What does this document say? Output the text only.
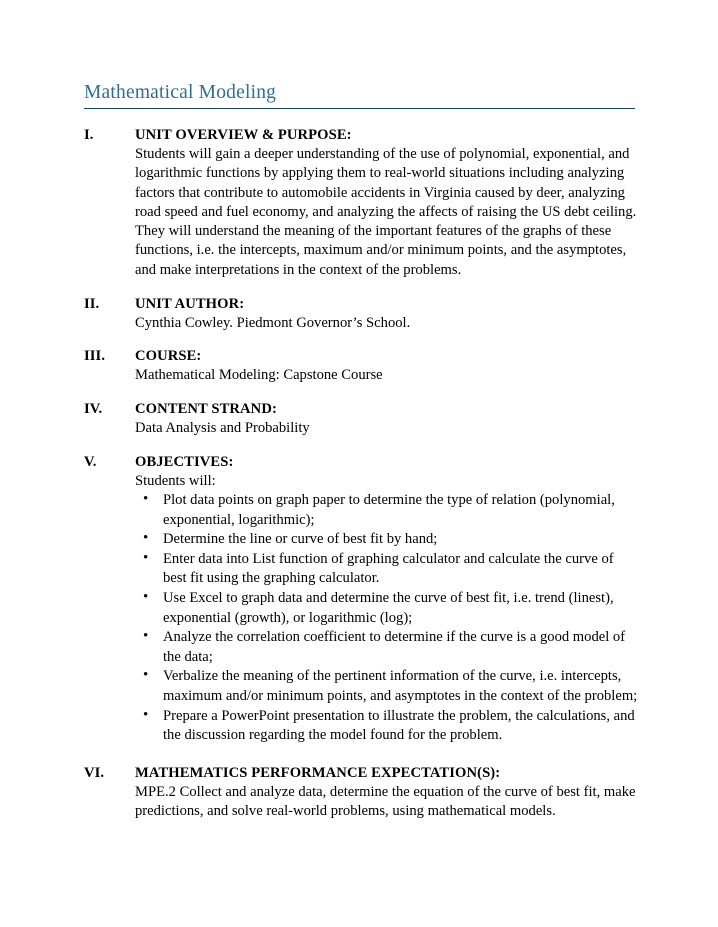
Mathematical Modeling
I.	UNIT OVERVIEW & PURPOSE:
Students will gain a deeper understanding of the use of polynomial, exponential, and logarithmic functions by applying them to real-world situations including analyzing factors that contribute to automobile accidents in Virginia caused by deer, analyzing road speed and fuel economy, and analyzing the affects of raising the US debt ceiling. They will understand the meaning of the important features of the graphs of these functions, i.e. the intercepts, maximum and/or minimum points, and the asymptotes, and make interpretations in the context of the problems.
II.	UNIT AUTHOR:
Cynthia Cowley. Piedmont Governor’s School.
III.	COURSE:
Mathematical Modeling: Capstone Course
IV.	CONTENT STRAND:
Data Analysis and Probability
V.	OBJECTIVES:
Students will:
• Plot data points on graph paper to determine the type of relation (polynomial, exponential, logarithmic);
• Determine the line or curve of best fit by hand;
• Enter data into List function of graphing calculator and calculate the curve of best fit using the graphing calculator.
• Use Excel to graph data and determine the curve of best fit, i.e. trend (linest), exponential (growth), or logarithmic (log);
• Analyze the correlation coefficient to determine if the curve is a good model of the data;
• Verbalize the meaning of the pertinent information of the curve, i.e. intercepts, maximum and/or minimum points, and asymptotes in the context of the problem;
• Prepare a PowerPoint presentation to illustrate the problem, the calculations, and the discussion regarding the model found for the problem.
VI.	MATHEMATICS PERFORMANCE EXPECTATION(S):
MPE.2 Collect and analyze data, determine the equation of the curve of best fit, make predictions, and solve real-world problems, using mathematical models.
